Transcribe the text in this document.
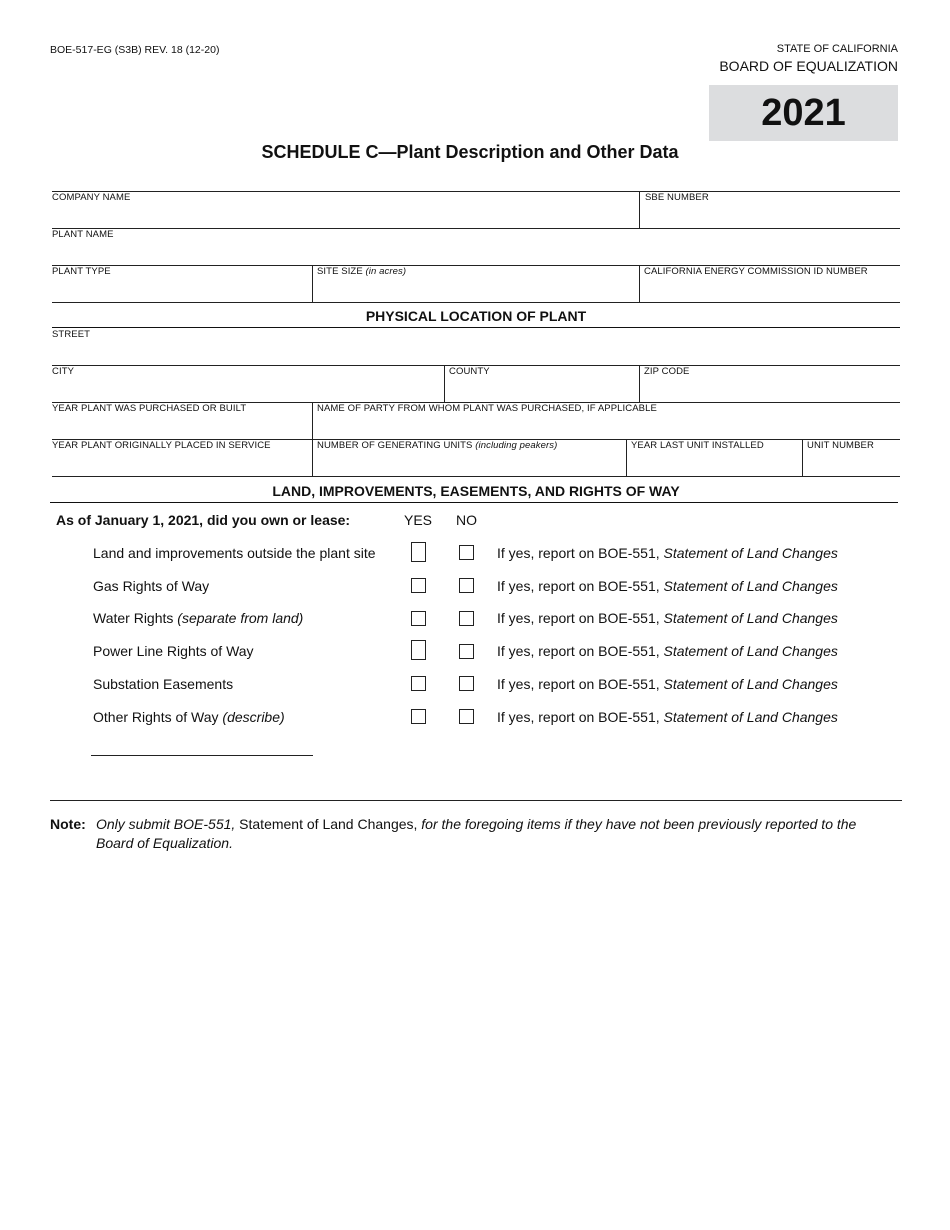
BOE-517-EG (S3B) REV. 18 (12-20)	STATE OF CALIFORNIA
BOARD OF EQUALIZATION
2021
SCHEDULE C—Plant Description and Other Data
COMPANY NAME	SBE NUMBER
PLANT NAME
PLANT TYPE	SITE SIZE (in acres)	CALIFORNIA ENERGY COMMISSION ID NUMBER
PHYSICAL LOCATION OF PLANT
STREET
CITY	COUNTY	ZIP CODE
YEAR PLANT WAS PURCHASED OR BUILT	NAME OF PARTY FROM WHOM PLANT WAS PURCHASED, IF APPLICABLE
YEAR PLANT ORIGINALLY PLACED IN SERVICE	NUMBER OF GENERATING UNITS (including peakers)	YEAR LAST UNIT INSTALLED	UNIT NUMBER
LAND, IMPROVEMENTS, EASEMENTS, AND RIGHTS OF WAY
As of January 1, 2021, did you own or lease:	YES NO
Land and improvements outside the plant site	If yes, report on BOE-551, Statement of Land Changes
Gas Rights of Way	If yes, report on BOE-551, Statement of Land Changes
Water Rights (separate from land)	If yes, report on BOE-551, Statement of Land Changes
Power Line Rights of Way	If yes, report on BOE-551, Statement of Land Changes
Substation Easements	If yes, report on BOE-551, Statement of Land Changes
Other Rights of Way (describe)	If yes, report on BOE-551, Statement of Land Changes
Note: Only submit BOE-551, Statement of Land Changes, for the foregoing items if they have not been previously reported to the Board of Equalization.
